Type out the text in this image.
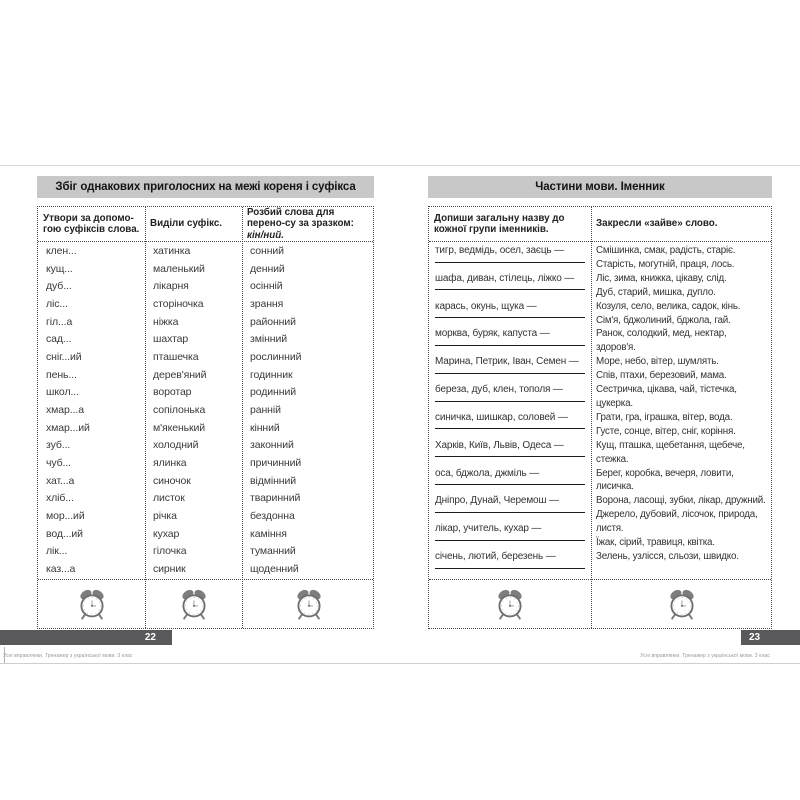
Збіг однакових приголосних на межі кореня і суфікса
Утвори за допомо-гою суфіксів слова.
Виділи суфікс.
Розбий слова для перено-су за зразком: кін/ний.
клен...
кущ...
дуб...
ліс...
гіл...а
сад...
сніг...ий
пень...
школ...
хмар...а
хмар...ий
зуб...
чуб...
хат...а
хліб...
мор...ий
вод...ий
лік...
каз...а
хатинка
маленький
лікарня
сторіночка
ніжка
шахтар
пташечка
дерев'яний
воротар
сопілонька
м'якенький
холодний
ялинка
синочок
листок
річка
кухар
гілочка
сирник
сонний
денний
осінній
зрання
районний
змінний
рослинний
годинник
родинний
ранній
кінний
законний
причинний
відмінний
тваринний
бездонна
каміння
туманний
щоденний
Частини мови. Іменник
Допиши загальну назву до кожної групи іменників.
Закресли «зайве» слово.
тигр, ведмідь, осел, заєць —
шафа, диван, стілець, ліжко —
карась, окунь, щука —
морква, буряк, капуста —
Марина, Петрик, Іван, Семен —
береза, дуб, клен, тополя —
синичка, шишкар, соловей —
Харків, Київ, Львів, Одеса —
оса, бджола, джміль —
Дніпро, Дунай, Черемош —
лікар, учитель, кухар —
січень, лютий, березень —
Смішинка, смак, радість, старіє.
Старість, могутній, праця, лось.
Ліс, зима, книжка, цікаву, слід.
Дуб, старий, мишка, дупло.
Козуля, село, велика, садок, кінь.
Сім'я, бджолиний, бджола, гай.
Ранок, солодкий, мед, нектар, здоров'я.
Море, небо, вітер, шумлять.
Спів, птахи, березовий, мама.
Сестричка, цікава, чай, тістечка, цукерка.
Грати, гра, іграшка, вітер, вода.
Густе, сонце, вітер, сніг, коріння.
Кущ, пташка, щебетання, щебече, стежка.
Берег, коробка, вечеря, ловити, лисичка.
Ворона, ласощі, зубки, лікар, дружний.
Джерело, дубовий, лісочок, природа, листя.
Їжак, сірий, травиця, квітка.
Зелень, узлісся, сльози, швидко.
22	23
Усні вправлянки. Тренажер з української мови. 3 клас	Усні вправлянки. Тренажер з української мови. 3 клас
